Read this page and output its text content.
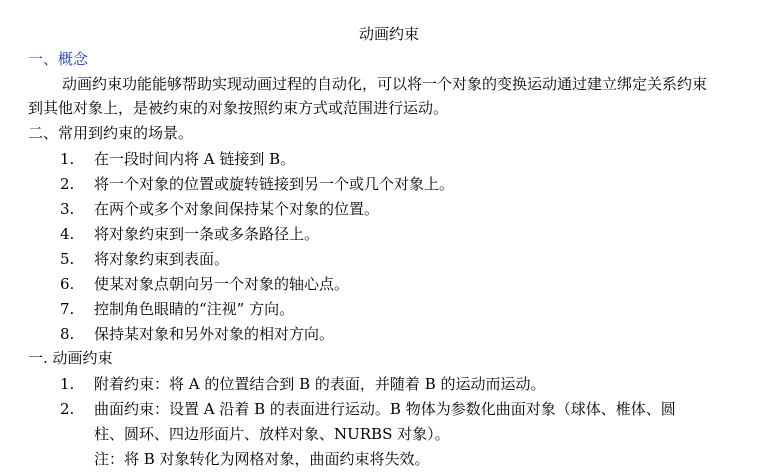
动画约束
一、概念
动画约束功能能够帮助实现动画过程的自动化，可以将一个对象的变换运动通过建立绑定关系约束到其他对象上，是被约束的对象按照约束方式或范围进行运动。
二、常用到约束的场景。
1.	在一段时间内将 A 链接到 B。
2.	将一个对象的位置或旋转链接到另一个或几个对象上。
3.	在两个或多个对象间保持某个对象的位置。
4.	将对象约束到一条或多条路径上。
5.	将对象约束到表面。
6.	使某对象点朝向另一个对象的轴心点。
7.	控制角色眼睛的“注视” 方向。
8.	保持某对象和另外对象的相对方向。
一. 动画约束
1.	附着约束：将 A 的位置结合到 B 的表面，并随着 B 的运动而运动。
2.	曲面约束：设置 A 沿着 B 的表面进行运动。B 物体为参数化曲面对象（球体、椎体、圆柱、圆环、四边形面片、放样对象、NURBS 对象）。
注：将 B 对象转化为网格对象，曲面约束将失效。
